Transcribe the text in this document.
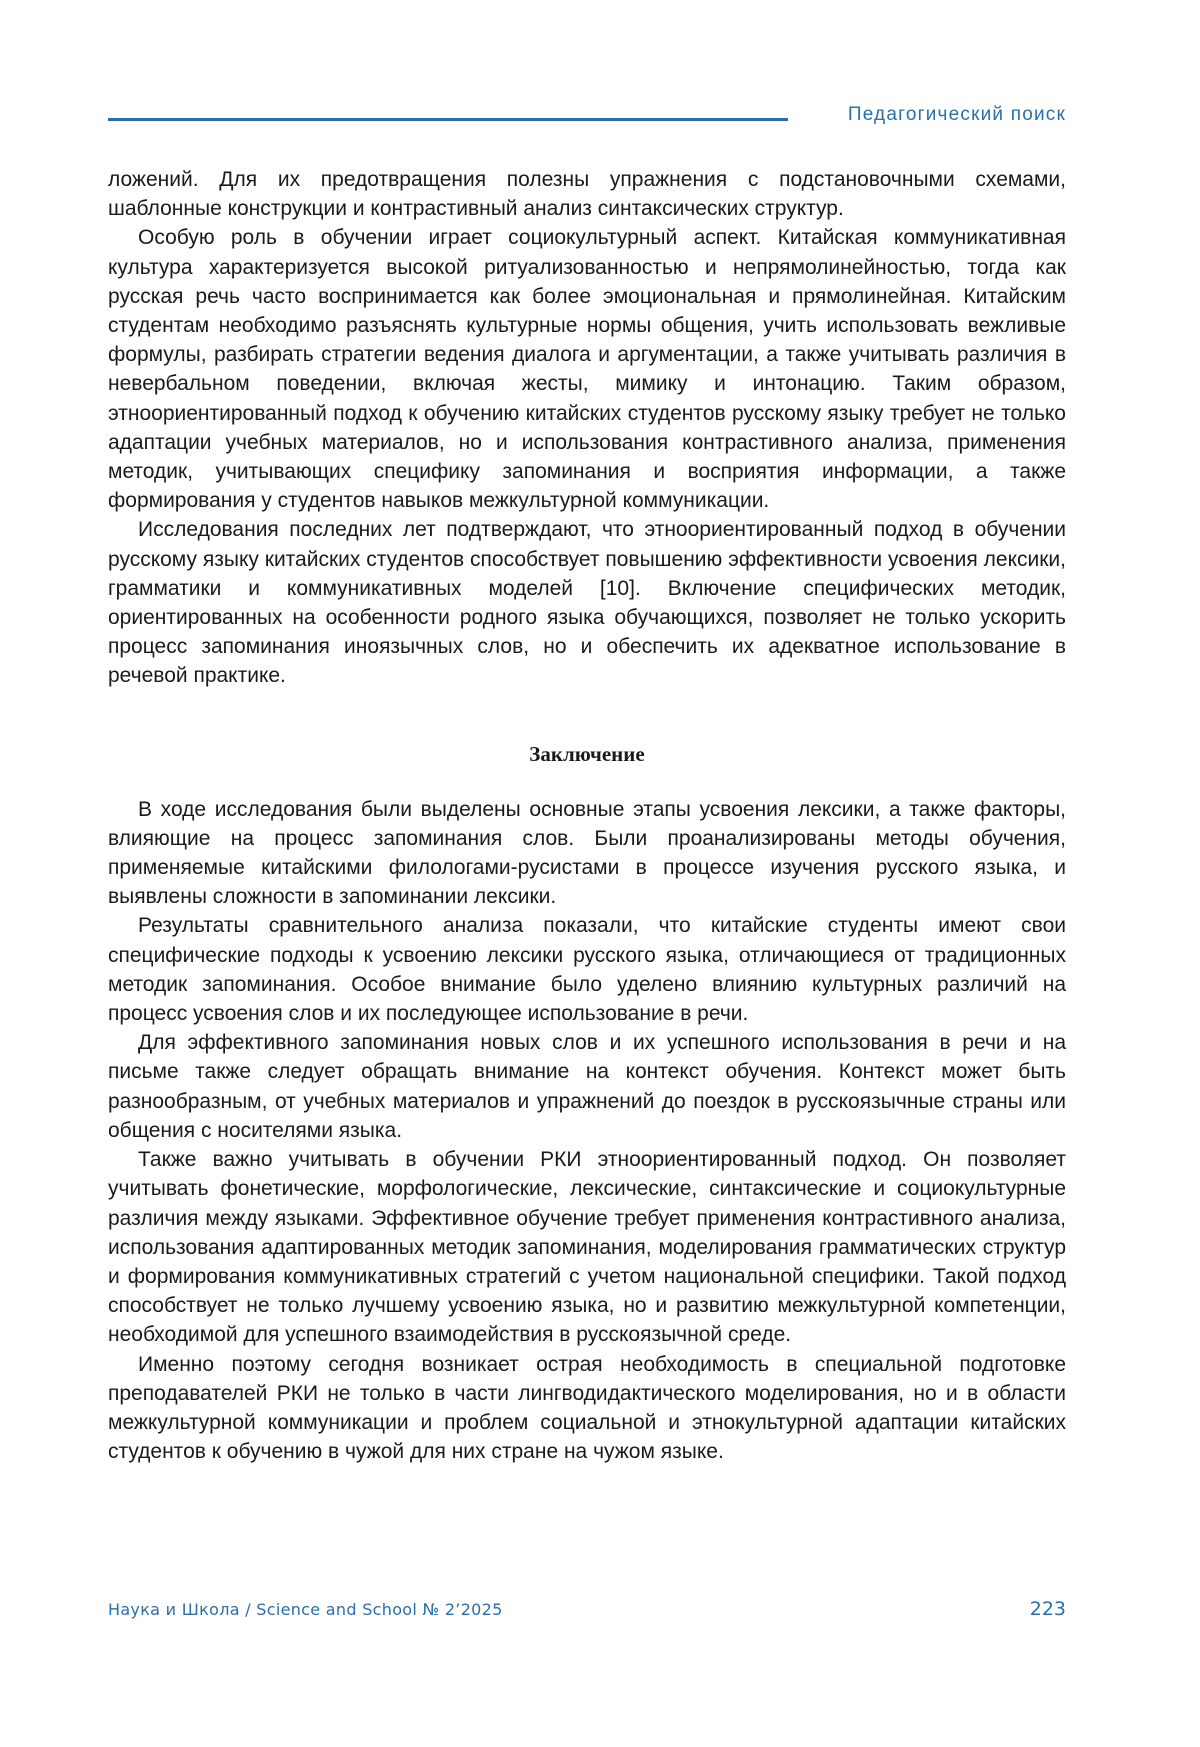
Педагогический поиск

ложений. Для их предотвращения полезны упражнения с подстановочными схемами, шаблонные конструкции и контрастивный анализ синтаксических структур.

Особую роль в обучении играет социокультурный аспект. Китайская коммуникативная культура характеризуется высокой ритуализованностью и непрямолинейностью, тогда как русская речь часто воспринимается как более эмоциональная и прямолинейная. Китайским студентам необходимо разъяснять культурные нормы общения, учить использовать вежливые формулы, разбирать стратегии ведения диалога и аргументации, а также учитывать различия в невербальном поведении, включая жесты, мимику и интонацию. Таким образом, этноориентированный подход к обучению китайских студентов русскому языку требует не только адаптации учебных материалов, но и использования контрастивного анализа, применения методик, учитывающих специфику запоминания и восприятия информации, а также формирования у студентов навыков межкультурной коммуникации.

Исследования последних лет подтверждают, что этноориентированный подход в обучении русскому языку китайских студентов способствует повышению эффективности усвоения лексики, грамматики и коммуникативных моделей [10]. Включение специфических методик, ориентированных на особенности родного языка обучающихся, позволяет не только ускорить процесс запоминания иноязычных слов, но и обеспечить их адекватное использование в речевой практике.

Заключение

В ходе исследования были выделены основные этапы усвоения лексики, а также факторы, влияющие на процесс запоминания слов. Были проанализированы методы обучения, применяемые китайскими филологами-русистами в процессе изучения русского языка, и выявлены сложности в запоминании лексики.

Результаты сравнительного анализа показали, что китайские студенты имеют свои специфические подходы к усвоению лексики русского языка, отличающиеся от традиционных методик запоминания. Особое внимание было уделено влиянию культурных различий на процесс усвоения слов и их последующее использование в речи.

Для эффективного запоминания новых слов и их успешного использования в речи и на письме также следует обращать внимание на контекст обучения. Контекст может быть разнообразным, от учебных материалов и упражнений до поездок в русскоязычные страны или общения с носителями языка.

Также важно учитывать в обучении РКИ этноориентированный подход. Он позволяет учитывать фонетические, морфологические, лексические, синтаксические и социокультурные различия между языками. Эффективное обучение требует применения контрастивного анализа, использования адаптированных методик запоминания, моделирования грамматических структур и формирования коммуникативных стратегий с учетом национальной специфики. Такой подход способствует не только лучшему усвоению языка, но и развитию межкультурной компетенции, необходимой для успешного взаимодействия в русскоязычной среде.

Именно поэтому сегодня возникает острая необходимость в специальной подготовке преподавателей РКИ не только в части лингводидактического моделирования, но и в области межкультурной коммуникации и проблем социальной и этнокультурной адаптации китайских студентов к обучению в чужой для них стране на чужом языке.

Наука и Школа / Science and School № 2’2025	223
